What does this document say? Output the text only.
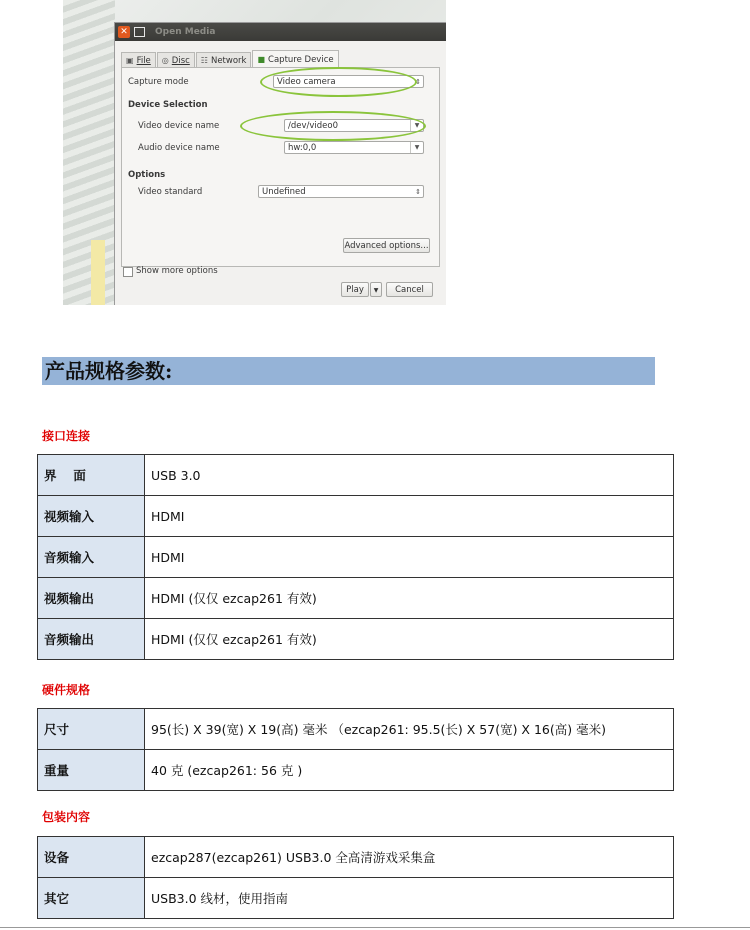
✕	Open Media
▣ File ◎ Disc ☷ Network ■ Capture Device
Capture mode	Video camera	⇕
Device Selection
Video device name	/dev/video0	▼
Audio device name	hw:0,0	▼
Options
Video standard	Undefined	⇕
Advanced options...
Show more options
Play	▼	Cancel
产品规格参数:
接口连接
界　 面	USB 3.0
视频输入	HDMI
音频输入	HDMI
视频输出	HDMI (仅仅 ezcap261 有效)
音频输出	HDMI (仅仅 ezcap261 有效)
硬件规格
尺寸	95(长) X 39(宽) X 19(高) 毫米 （ezcap261: 95.5(长) X 57(宽) X 16(高) 毫米)
重量	40 克 (ezcap261: 56 克 )
包装内容
设备	ezcap287(ezcap261) USB3.0 全高清游戏采集盒
其它	USB3.0 线材，使用指南
